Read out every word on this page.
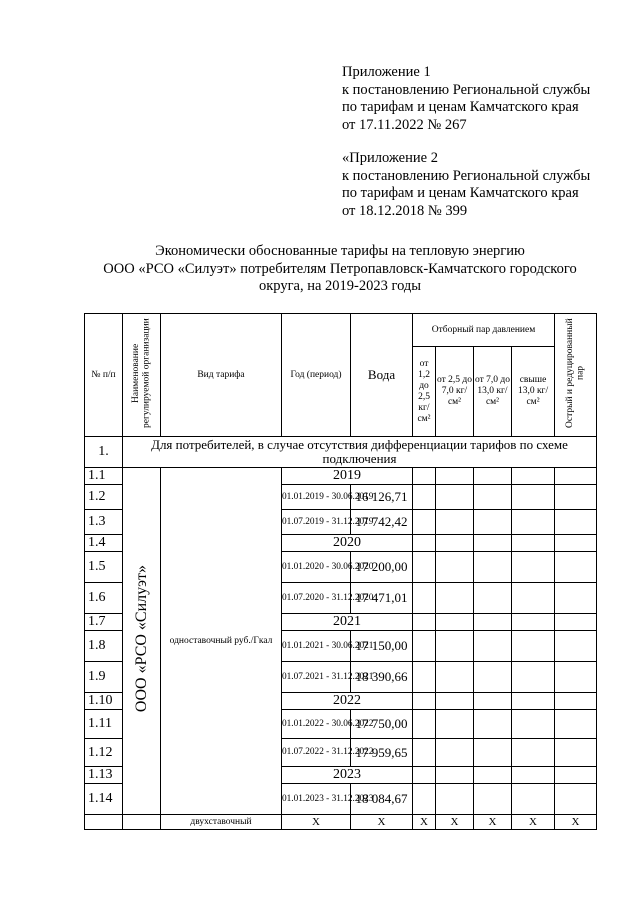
Приложение 1
к постановлению Региональной службы
по тарифам и ценам Камчатского края
от 17.11.2022 № 267
«Приложение 2
к постановлению Региональной службы
по тарифам и ценам Камчатского края
от 18.12.2018 № 399
Экономически обоснованные тарифы на тепловую энергию
ООО «РСО «Силуэт» потребителям Петропавловск-Камчатского городского
округа, на 2019-2023 годы
№ п/п	Наименование регулируемой организации	Вид тарифа	Год (период)	Вода	Отборный пар давлением				Острый и редуцированный пар
					от 1,2 до 2,5 кг/см²	от 2,5 до 7,0 кг/см²	от 7,0 до 13,0 кг/см²	свыше 13,0 кг/см²	
1.	Для потребителей, в случае отсутствия дифференциации тарифов по схеме подключения								
1.1	ООО «РСО «Силуэт»	одноставочный руб./Гкал	2019						
1.2			01.01.2019 - 30.06.2019	16 126,71					
1.3			01.07.2019 - 31.12.2019	17 742,42					
1.4			2020						
1.5			01.01.2020 - 30.06.2020	17 200,00					
1.6			01.07.2020 - 31.12.2020	17 471,01					
1.7			2021						
1.8			01.01.2021 - 30.06.2021	17 150,00					
1.9			01.07.2021 - 31.12.2021	18 390,66					
1.10			2022						
1.11			01.01.2022 - 30.06.2022	17 750,00					
1.12			01.07.2022 - 31.12.2022	17 959,65					
1.13			2023						
1.14			01.01.2023 - 31.12.2023	18 084,67					
		двухставочный	X	X	X	X	X	X	X
